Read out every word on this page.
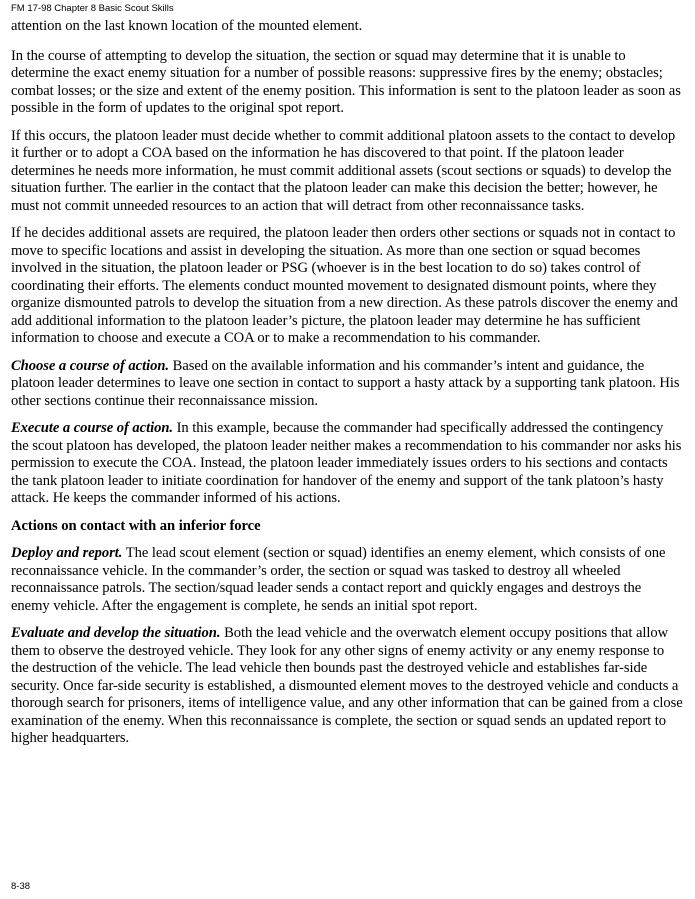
FM 17-98 Chapter 8 Basic Scout Skills

attention on the last known location of the mounted element.

In the course of attempting to develop the situation, the section or squad may determine that it is unable to determine the exact enemy situation for a number of possible reasons: suppressive fires by the enemy; obstacles; combat losses; or the size and extent of the enemy position. This information is sent to the platoon leader as soon as possible in the form of updates to the original spot report.

If this occurs, the platoon leader must decide whether to commit additional platoon assets to the contact to develop it further or to adopt a COA based on the information he has discovered to that point. If the platoon leader determines he needs more information, he must commit additional assets (scout sections or squads) to develop the situation further. The earlier in the contact that the platoon leader can make this decision the better; however, he must not commit unneeded resources to an action that will detract from other reconnaissance tasks.

If he decides additional assets are required, the platoon leader then orders other sections or squads not in contact to move to specific locations and assist in developing the situation. As more than one section or squad becomes involved in the situation, the platoon leader or PSG (whoever is in the best location to do so) takes control of coordinating their efforts. The elements conduct mounted movement to designated dismount points, where they organize dismounted patrols to develop the situation from a new direction. As these patrols discover the enemy and add additional information to the platoon leader’s picture, the platoon leader may determine he has sufficient information to choose and execute a COA or to make a recommendation to his commander.

Choose a course of action. Based on the available information and his commander’s intent and guidance, the platoon leader determines to leave one section in contact to support a hasty attack by a supporting tank platoon. His other sections continue their reconnaissance mission.

Execute a course of action. In this example, because the commander had specifically addressed the contingency the scout platoon has developed, the platoon leader neither makes a recommendation to his commander nor asks his permission to execute the COA. Instead, the platoon leader immediately issues orders to his sections and contacts the tank platoon leader to initiate coordination for handover of the enemy and support of the tank platoon’s hasty attack. He keeps the commander informed of his actions.

Actions on contact with an inferior force

Deploy and report. The lead scout element (section or squad) identifies an enemy element, which consists of one reconnaissance vehicle. In the commander’s order, the section or squad was tasked to destroy all wheeled reconnaissance patrols. The section/squad leader sends a contact report and quickly engages and destroys the enemy vehicle. After the engagement is complete, he sends an initial spot report.

Evaluate and develop the situation. Both the lead vehicle and the overwatch element occupy positions that allow them to observe the destroyed vehicle. They look for any other signs of enemy activity or any enemy response to the destruction of the vehicle. The lead vehicle then bounds past the destroyed vehicle and establishes far-side security. Once far-side security is established, a dismounted element moves to the destroyed vehicle and conducts a thorough search for prisoners, items of intelligence value, and any other information that can be gained from a close examination of the enemy. When this reconnaissance is complete, the section or squad sends an updated report to higher headquarters.

8-38
